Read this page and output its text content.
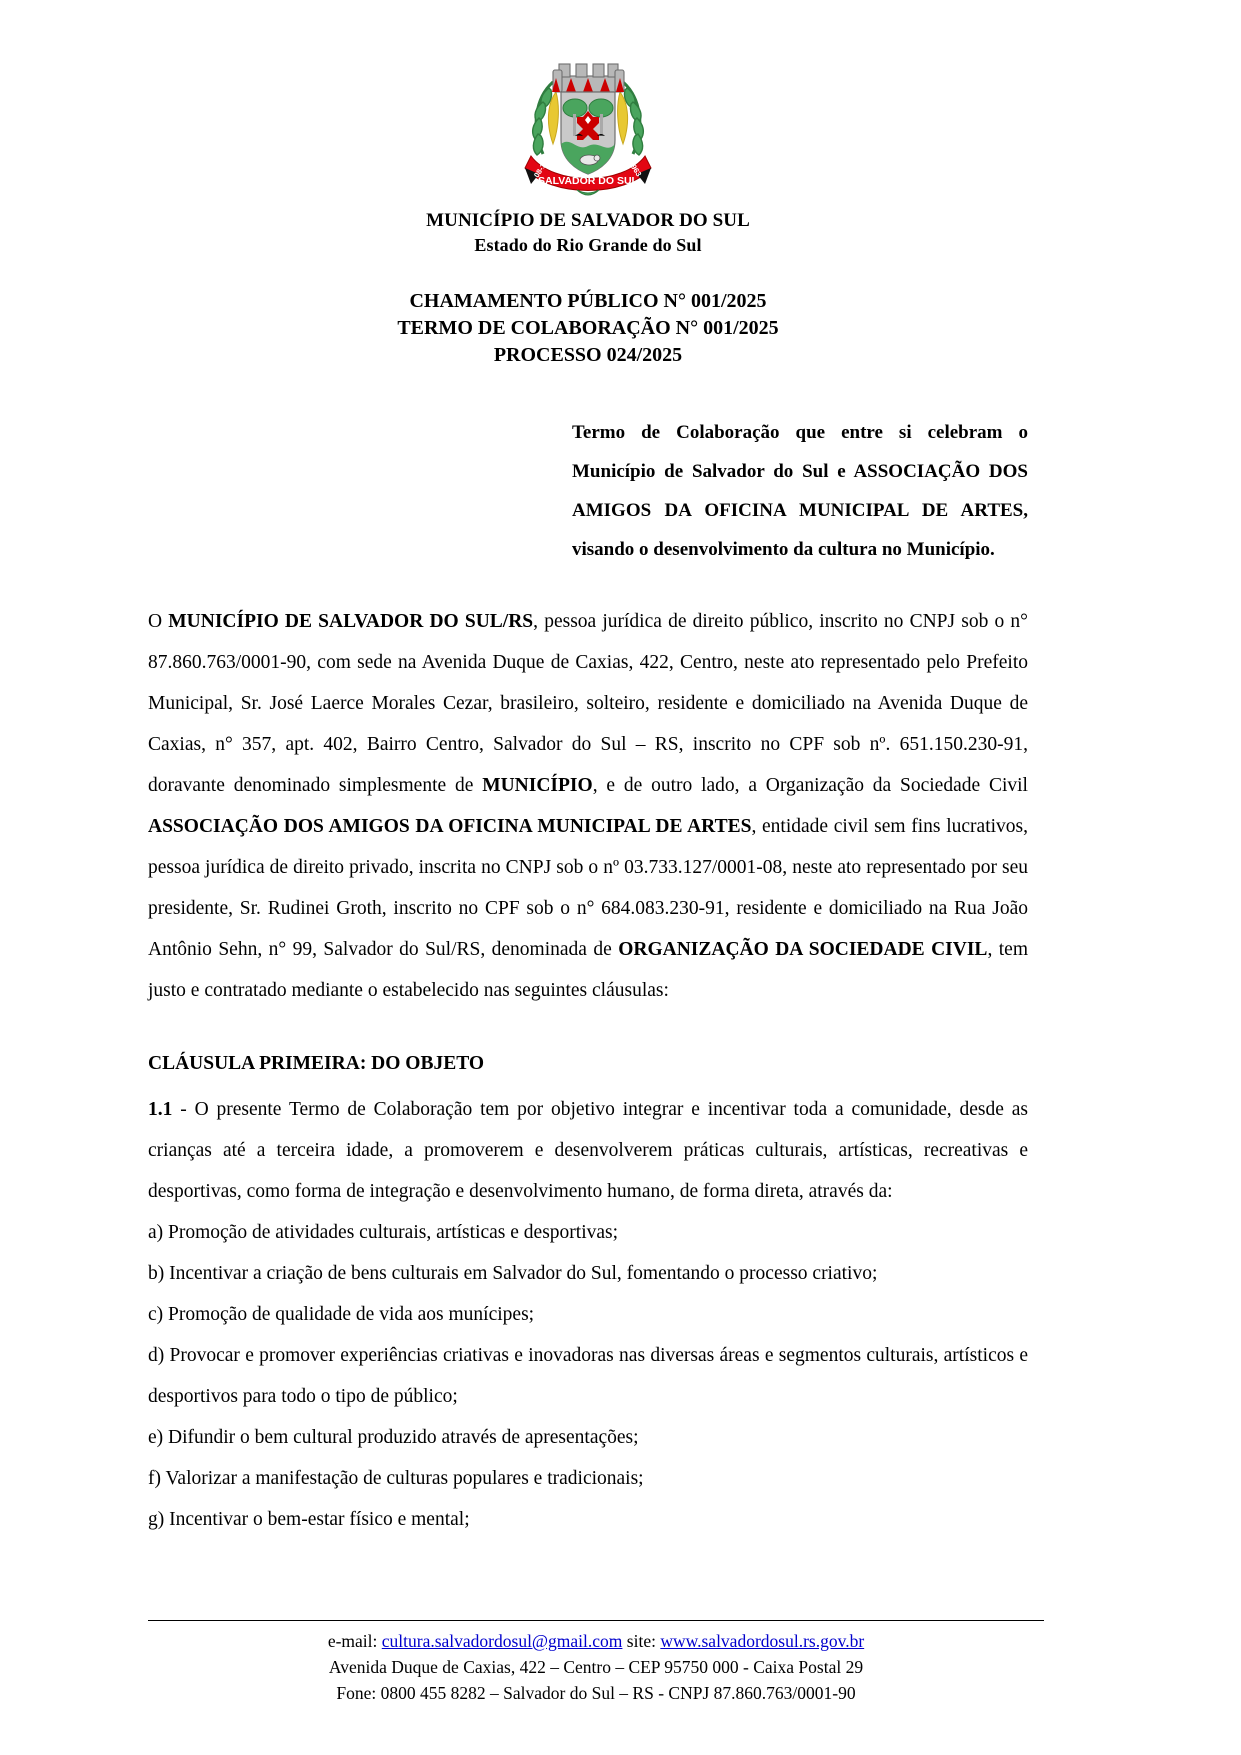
SALVADOR DO SUL
08-10	1963
MUNICÍPIO DE SALVADOR DO SUL
Estado do Rio Grande do Sul
CHAMAMENTO PÚBLICO N° 001/2025
TERMO DE COLABORAÇÃO N° 001/2025
PROCESSO 024/2025
Termo de Colaboração que entre si celebram o Município de Salvador do Sul e ASSOCIAÇÃO DOS AMIGOS DA OFICINA MUNICIPAL DE ARTES, visando o desenvolvimento da cultura no Município.
O MUNICÍPIO DE SALVADOR DO SUL/RS, pessoa jurídica de direito público, inscrito no CNPJ sob o n° 87.860.763/0001-90, com sede na Avenida Duque de Caxias, 422, Centro, neste ato representado pelo Prefeito Municipal, Sr. José Laerce Morales Cezar, brasileiro, solteiro, residente e domiciliado na Avenida Duque de Caxias, n° 357, apt. 402, Bairro Centro, Salvador do Sul – RS, inscrito no CPF sob nº. 651.150.230-91, doravante denominado simplesmente de MUNICÍPIO, e de outro lado, a Organização da Sociedade Civil ASSOCIAÇÃO DOS AMIGOS DA OFICINA MUNICIPAL DE ARTES, entidade civil sem fins lucrativos, pessoa jurídica de direito privado, inscrita no CNPJ sob o nº 03.733.127/0001-08, neste ato representado por seu presidente, Sr. Rudinei Groth, inscrito no CPF sob o n° 684.083.230-91, residente e domiciliado na Rua João Antônio Sehn, n° 99, Salvador do Sul/RS, denominada de ORGANIZAÇÃO DA SOCIEDADE CIVIL, tem justo e contratado mediante o estabelecido nas seguintes cláusulas:
CLÁUSULA PRIMEIRA: DO OBJETO
1.1 - O presente Termo de Colaboração tem por objetivo integrar e incentivar toda a comunidade, desde as crianças até a terceira idade, a promoverem e desenvolverem práticas culturais, artísticas, recreativas e desportivas, como forma de integração e desenvolvimento humano, de forma direta, através da:
a) Promoção de atividades culturais, artísticas e desportivas;
b) Incentivar a criação de bens culturais em Salvador do Sul, fomentando o processo criativo;
c) Promoção de qualidade de vida aos munícipes;
d) Provocar e promover experiências criativas e inovadoras nas diversas áreas e segmentos culturais, artísticos e desportivos para todo o tipo de público;
e) Difundir o bem cultural produzido através de apresentações;
f) Valorizar a manifestação de culturas populares e tradicionais;
g) Incentivar o bem-estar físico e mental;
e-mail: cultura.salvadordosul@gmail.com site: www.salvadordosul.rs.gov.br
Avenida Duque de Caxias, 422 – Centro – CEP 95750 000 - Caixa Postal 29
Fone: 0800 455 8282 – Salvador do Sul – RS - CNPJ 87.860.763/0001-90
